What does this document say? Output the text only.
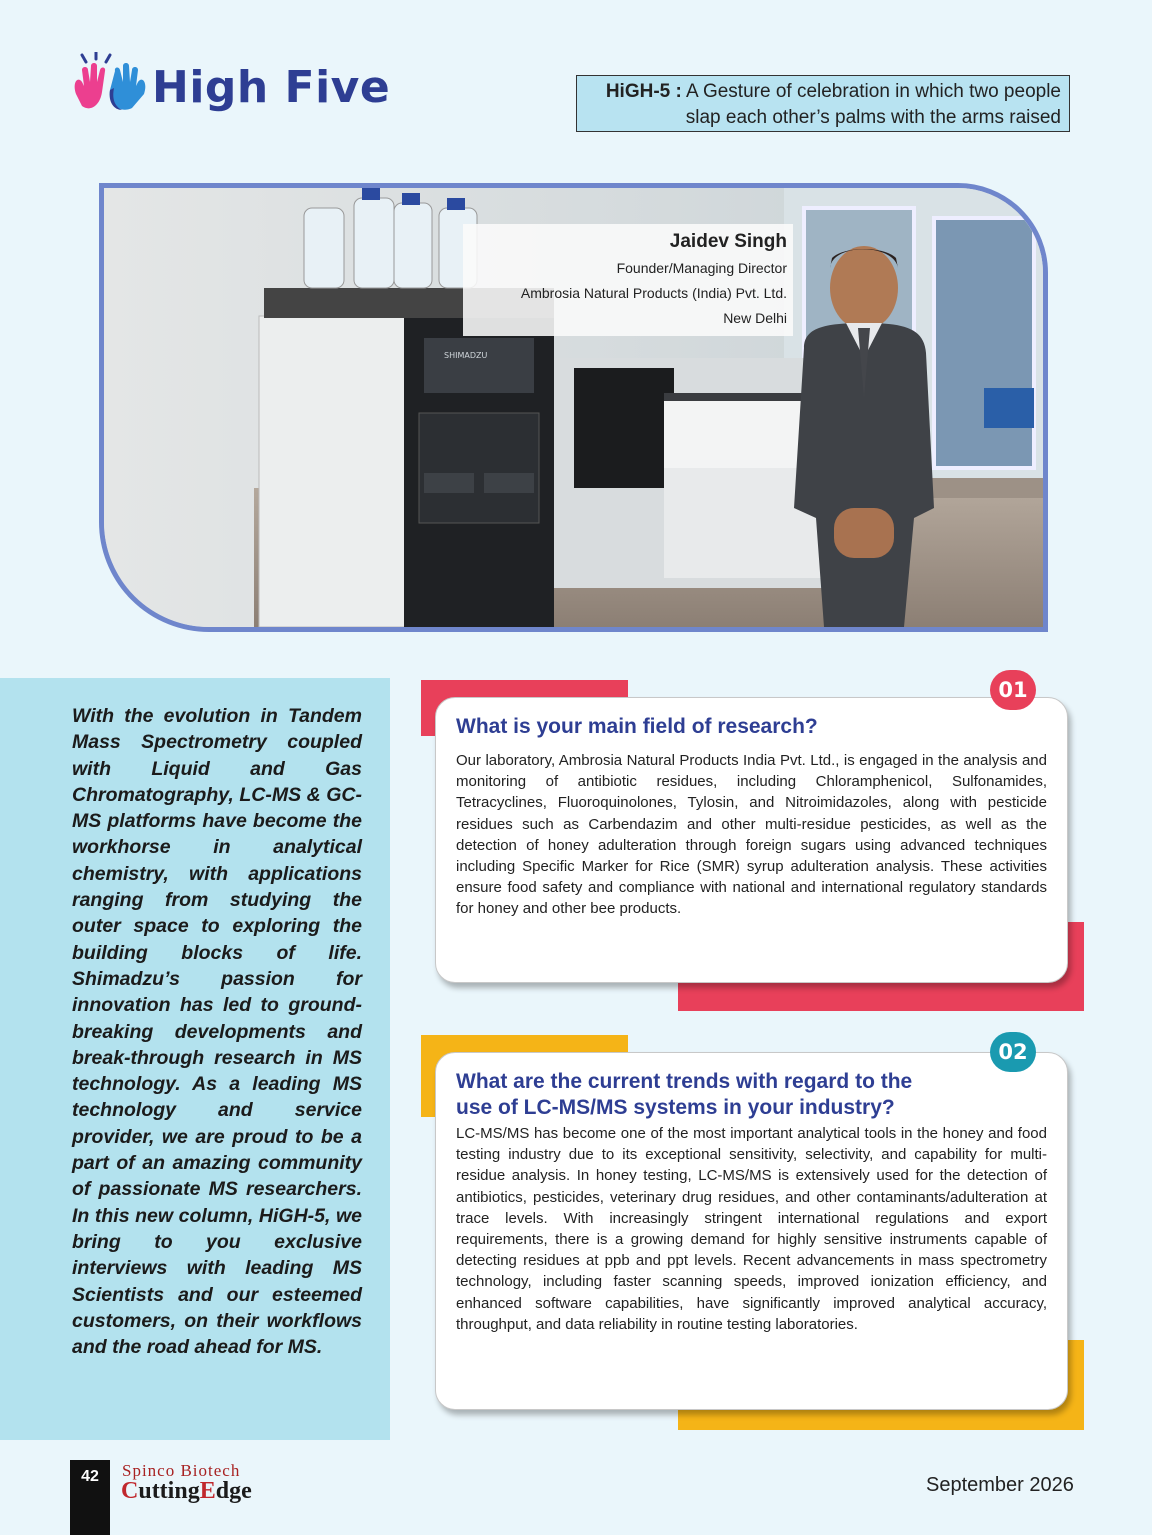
High Five	HiGH-5 : A Gesture of celebration in which two people slap each other’s palms with the arms raised
SHIMADZU
Jaidev Singh
Founder/Managing Director
Ambrosia Natural Products (India) Pvt. Ltd.
New Delhi
With the evolution in Tandem Mass Spectrometry coupled with Liquid and Gas Chromatography, LC-MS & GC-MS platforms have become the workhorse in analytical chemistry, with applications ranging from studying the outer space to exploring the building blocks of life. Shimadzu’s passion for innovation has led to ground-breaking developments and break-through research in MS technology. As a leading MS technology and service provider, we are proud to be a part of an amazing community of passionate MS researchers. In this new column, HiGH-5, we bring to you exclusive interviews with leading MS Scientists and our esteemed customers, on their workflows and the road ahead for MS.

What is your main field of research?

Our laboratory, Ambrosia Natural Products India Pvt. Ltd., is engaged in the analysis and monitoring of antibiotic residues, including Chloramphenicol, Sulfonamides, Tetracyclines, Fluoroquinolones, Tylosin, and Nitroimidazoles, along with pesticide residues such as Carbendazim and other multi-residue pesticides, as well as the detection of honey adulteration through foreign sugars using advanced techniques including Specific Marker for Rice (SMR) syrup adulteration analysis. These activities ensure food safety and compliance with national and international regulatory standards for honey and other bee products.

01

What are the current trends with regard to the
use of LC-MS/MS systems in your industry?

LC-MS/MS has become one of the most important analytical tools in the honey and food testing industry due to its exceptional sensitivity, selectivity, and capability for multi-residue analysis. In honey testing, LC-MS/MS is extensively used for the detection of antibiotics, pesticides, veterinary drug residues, and other contaminants/adulteration at trace levels. With increasingly stringent international regulations and export requirements, there is a growing demand for highly sensitive instruments capable of detecting residues at ppb and ppt levels. Recent advancements in mass spectrometry technology, including faster scanning speeds, improved ionization efficiency, and enhanced software capabilities, have significantly improved analytical accuracy, throughput, and data reliability in routine testing laboratories.

02
42	Spinco Biotech
CuttingEdge	September 2026
